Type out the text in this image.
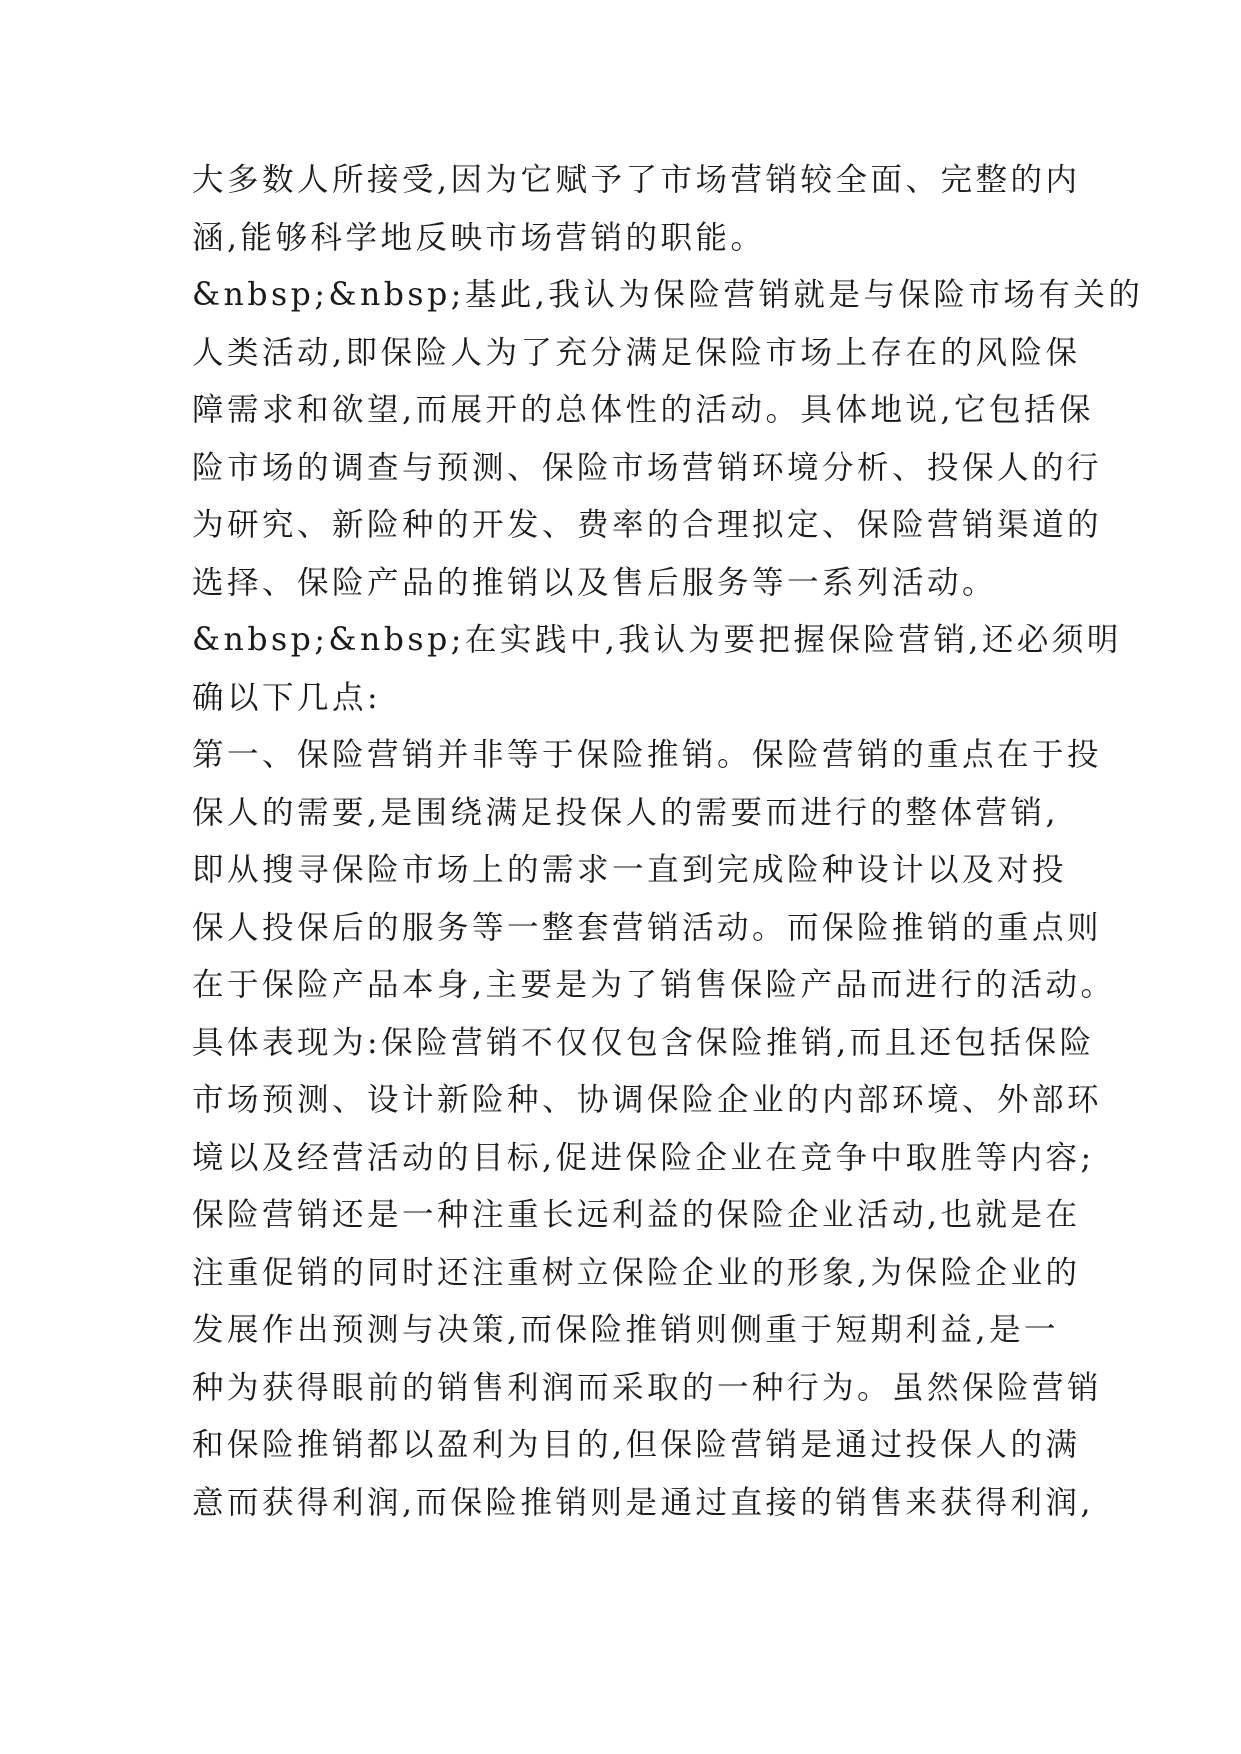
大多数人所接受,因为它赋予了市场营销较全面、完整的内
涵,能够科学地反映市场营销的职能。
&nbsp;&nbsp;基此,我认为保险营销就是与保险市场有关的
人类活动,即保险人为了充分满足保险市场上存在的风险保
障需求和欲望,而展开的总体性的活动。具体地说,它包括保
险市场的调查与预测、保险市场营销环境分析、投保人的行
为研究、新险种的开发、费率的合理拟定、保险营销渠道的
选择、保险产品的推销以及售后服务等一系列活动。
&nbsp;&nbsp;在实践中,我认为要把握保险营销,还必须明
确以下几点:
第一、保险营销并非等于保险推销。保险营销的重点在于投
保人的需要,是围绕满足投保人的需要而进行的整体营销,
即从搜寻保险市场上的需求一直到完成险种设计以及对投
保人投保后的服务等一整套营销活动。而保险推销的重点则
在于保险产品本身,主要是为了销售保险产品而进行的活动。
具体表现为:保险营销不仅仅包含保险推销,而且还包括保险
市场预测、设计新险种、协调保险企业的内部环境、外部环
境以及经营活动的目标,促进保险企业在竞争中取胜等内容;
保险营销还是一种注重长远利益的保险企业活动,也就是在
注重促销的同时还注重树立保险企业的形象,为保险企业的
发展作出预测与决策,而保险推销则侧重于短期利益,是一
种为获得眼前的销售利润而采取的一种行为。虽然保险营销
和保险推销都以盈利为目的,但保险营销是通过投保人的满
意而获得利润,而保险推销则是通过直接的销售来获得利润,
